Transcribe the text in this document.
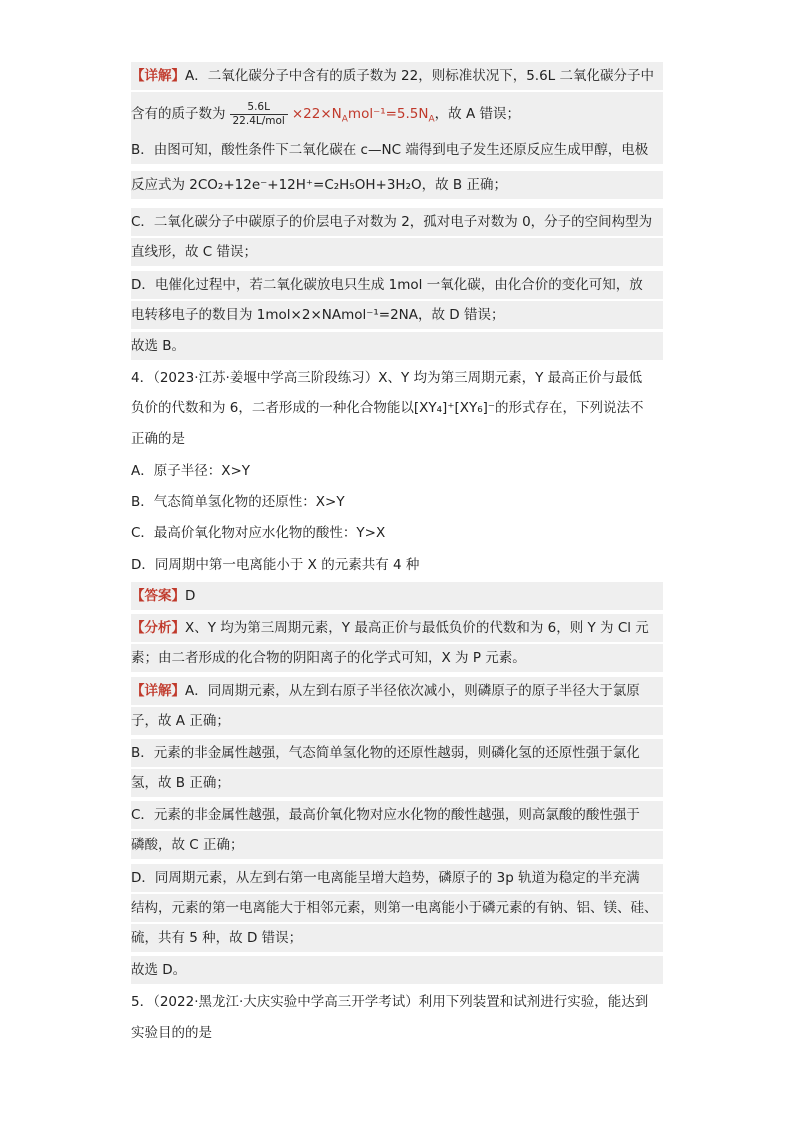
【详解】A．二氧化碳分子中含有的质子数为 22，则标准状况下，5.6L 二氧化碳分子中
含有的质子数为 $\frac{5.6L}{\text{22.4L/mol}} \times 22\times N_Amol^{-1}=5.5N_A$，故 A 错误；
B．由图可知，酸性条件下二氧化碳在 c—NC 端得到电子发生还原反应生成甲醇，电极
反应式为 2CO₂+12e⁻+12H⁺=C₂H₅OH+3H₂O，故 B 正确；
C．二氧化碳分子中碳原子的价层电子对数为 2，孤对电子对数为 0，分子的空间构型为
直线形，故 C 错误；
D．电催化过程中，若二氧化碳放电只生成 1mol 一氧化碳，由化合价的变化可知，放
电转移电子的数目为 1mol×2×NAmol⁻¹=2NA，故 D 错误；
故选 B。
4．（2023·江苏·姜堰中学高三阶段练习）X、Y 均为第三周期元素，Y 最高正价与最低
负价的代数和为 6，二者形成的一种化合物能以[XY₄]⁺[XY₆]⁻的形式存在，下列说法不
正确的是
A．原子半径：X>Y
B．气态简单氢化物的还原性：X>Y
C．最高价氧化物对应水化物的酸性：Y>X
D．同周期中第一电离能小于 X 的元素共有 4 种
【答案】D
【分析】X、Y 均为第三周期元素，Y 最高正价与最低负价的代数和为 6，则 Y 为 Cl 元
素；由二者形成的化合物的阴阳离子的化学式可知，X 为 P 元素。
【详解】A．同周期元素，从左到右原子半径依次减小，则磷原子的原子半径大于氯原
子，故 A 正确；
B．元素的非金属性越强，气态简单氢化物的还原性越弱，则磷化氢的还原性强于氯化
氢，故 B 正确；
C．元素的非金属性越强，最高价氧化物对应水化物的酸性越强，则高氯酸的酸性强于
磷酸，故 C 正确；
D．同周期元素，从左到右第一电离能呈增大趋势，磷原子的 3p 轨道为稳定的半充满
结构，元素的第一电离能大于相邻元素，则第一电离能小于磷元素的有钠、铝、镁、硅、
硫，共有 5 种，故 D 错误；
故选 D。
5．（2022·黑龙江·大庆实验中学高三开学考试）利用下列装置和试剂进行实验，能达到
实验目的的是
